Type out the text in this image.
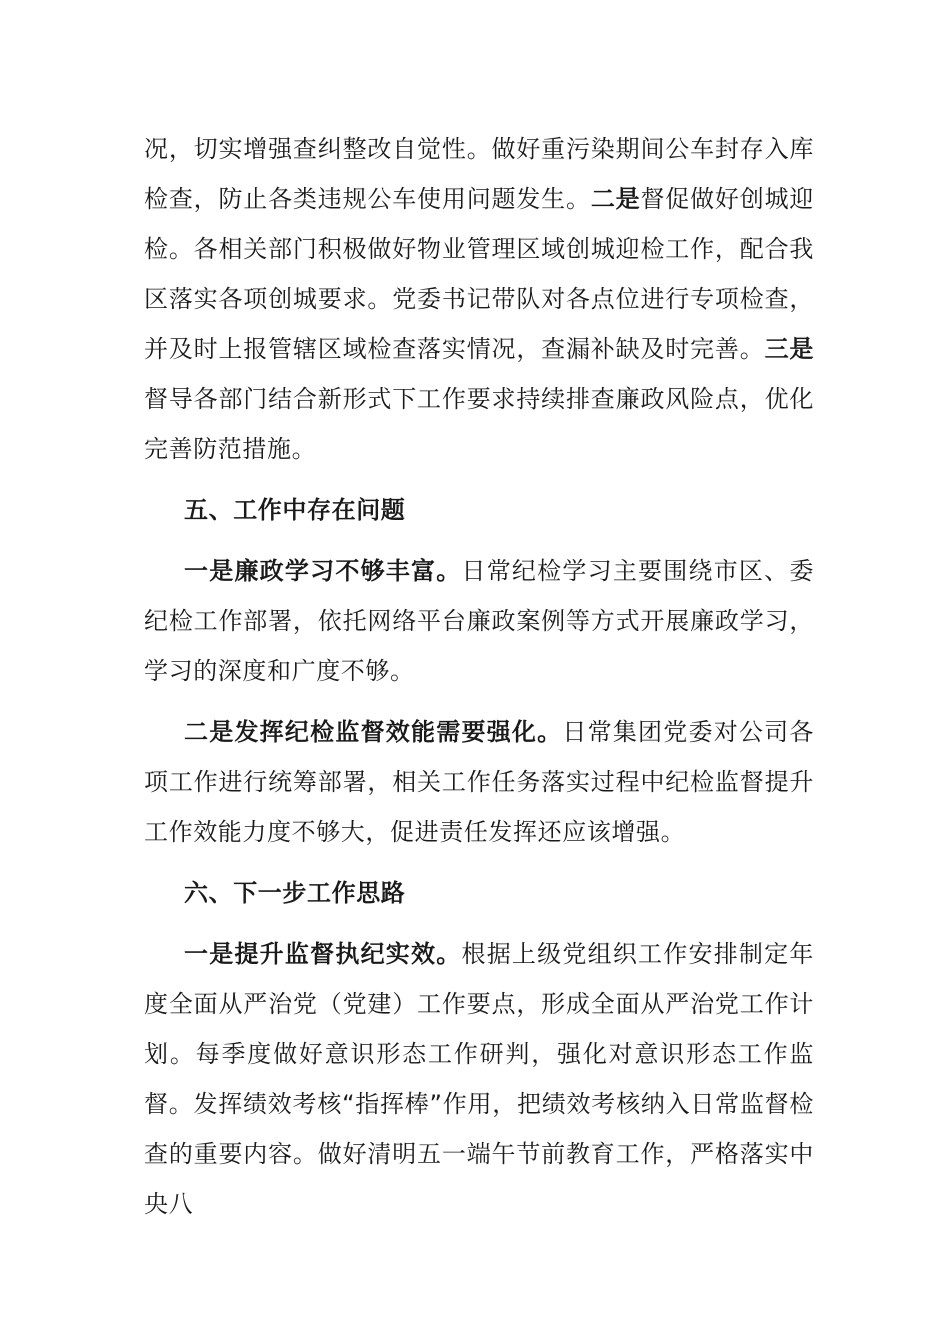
况，切实增强查纠整改自觉性。做好重污染期间公车封存入库检查，防止各类违规公车使用问题发生。二是督促做好创城迎检。各相关部门积极做好物业管理区域创城迎检工作，配合我区落实各项创城要求。党委书记带队对各点位进行专项检查，并及时上报管辖区域检查落实情况，查漏补缺及时完善。三是督导各部门结合新形式下工作要求持续排查廉政风险点，优化完善防范措施。

五、工作中存在问题

一是廉政学习不够丰富。日常纪检学习主要围绕市区、委纪检工作部署，依托网络平台廉政案例等方式开展廉政学习，学习的深度和广度不够。

二是发挥纪检监督效能需要强化。日常集团党委对公司各项工作进行统筹部署，相关工作任务落实过程中纪检监督提升工作效能力度不够大，促进责任发挥还应该增强。

六、下一步工作思路

一是提升监督执纪实效。根据上级党组织工作安排制定年度全面从严治党（党建）工作要点，形成全面从严治党工作计划。每季度做好意识形态工作研判，强化对意识形态工作监督。发挥绩效考核“指挥棒”作用，把绩效考核纳入日常监督检查的重要内容。做好清明五一端午节前教育工作，严格落实中央八
